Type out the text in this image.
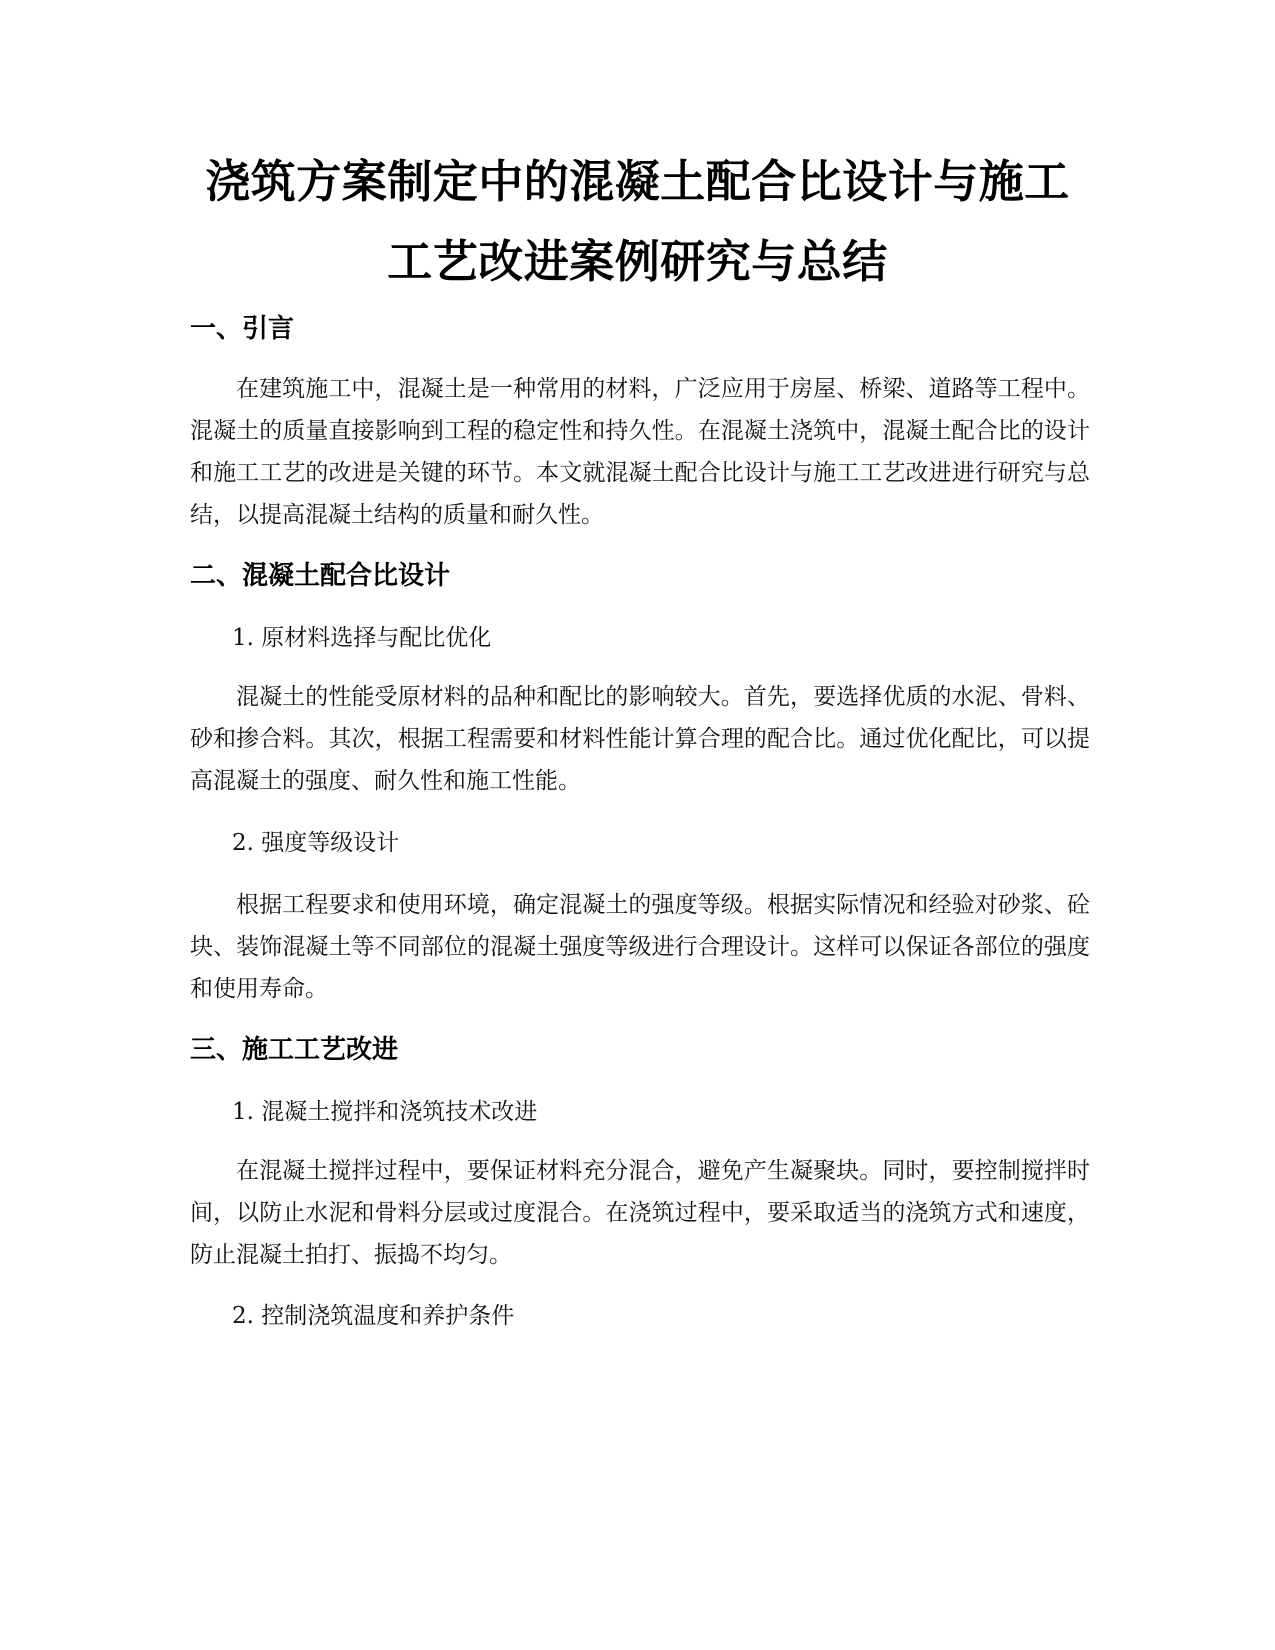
浇筑方案制定中的混凝土配合比设计与施工
工艺改进案例研究与总结
一、引言

在建筑施工中，混凝土是一种常用的材料，广泛应用于房屋、桥梁、道路等工程中。混凝土的质量直接影响到工程的稳定性和持久性。在混凝土浇筑中，混凝土配合比的设计和施工工艺的改进是关键的环节。本文就混凝土配合比设计与施工工艺改进进行研究与总结，以提高混凝土结构的质量和耐久性。

二、混凝土配合比设计

1. 原材料选择与配比优化

混凝土的性能受原材料的品种和配比的影响较大。首先，要选择优质的水泥、骨料、砂和掺合料。其次，根据工程需要和材料性能计算合理的配合比。通过优化配比，可以提高混凝土的强度、耐久性和施工性能。

2. 强度等级设计

根据工程要求和使用环境，确定混凝土的强度等级。根据实际情况和经验对砂浆、砼块、装饰混凝土等不同部位的混凝土强度等级进行合理设计。这样可以保证各部位的强度和使用寿命。

三、施工工艺改进

1. 混凝土搅拌和浇筑技术改进

在混凝土搅拌过程中，要保证材料充分混合，避免产生凝聚块。同时，要控制搅拌时间，以防止水泥和骨料分层或过度混合。在浇筑过程中，要采取适当的浇筑方式和速度，防止混凝土拍打、振捣不均匀。

2. 控制浇筑温度和养护条件
